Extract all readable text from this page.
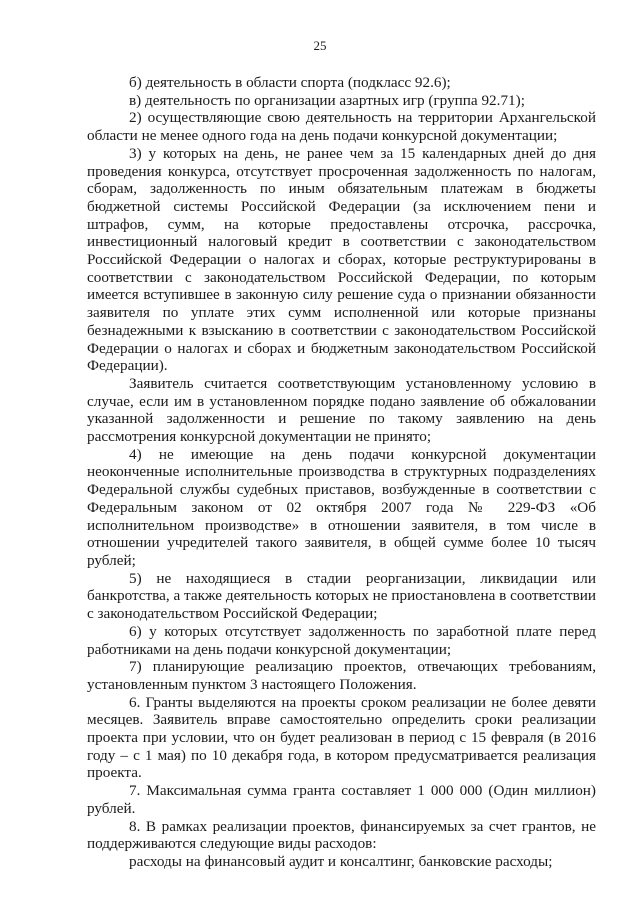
25

б) деятельность в области спорта (подкласс 92.6);

в) деятельность по организации азартных игр (группа 92.71);

2) осуществляющие свою деятельность на территории Архангельской области не менее одного года на день подачи конкурсной документации;

3) у которых на день, не ранее чем за 15 календарных дней до дня проведения конкурса, отсутствует просроченная задолженность по налогам, сборам, задолженность по иным обязательным платежам в бюджеты бюджетной системы Российской Федерации (за исключением пени и штрафов, сумм, на которые предоставлены отсрочка, рассрочка, инвестиционный налоговый кредит в соответствии с законодательством Российской Федерации о налогах и сборах, которые реструктурированы в соответствии с законодательством Российской Федерации, по которым имеется вступившее в законную силу решение суда о признании обязанности заявителя по уплате этих сумм исполненной или которые признаны безнадежными к взысканию в соответствии с законодательством Российской Федерации о налогах и сборах и бюджетным законодательством Российской Федерации).

Заявитель считается соответствующим установленному условию в случае, если им в установленном порядке подано заявление об обжаловании указанной задолженности и решение по такому заявлению на день рассмотрения конкурсной документации не принято;

4) не имеющие на день подачи конкурсной документации неоконченные исполнительные производства в структурных подразделениях Федеральной службы судебных приставов, возбужденные в соответствии с Федеральным законом от 02 октября 2007 года № 229-ФЗ «Об исполнительном производстве» в отношении заявителя, в том числе в отношении учредителей такого заявителя, в общей сумме более 10 тысяч рублей;

5) не находящиеся в стадии реорганизации, ликвидации или банкротства, а также деятельность которых не приостановлена в соответствии с законодательством Российской Федерации;

6) у которых отсутствует задолженность по заработной плате перед работниками на день подачи конкурсной документации;

7) планирующие реализацию проектов, отвечающих требованиям, установленным пунктом 3 настоящего Положения.

6. Гранты выделяются на проекты сроком реализации не более девяти месяцев. Заявитель вправе самостоятельно определить сроки реализации проекта при условии, что он будет реализован в период с 15 февраля (в 2016 году – с 1 мая) по 10 декабря года, в котором предусматривается реализация проекта.

7. Максимальная сумма гранта составляет 1 000 000 (Один миллион) рублей.

8. В рамках реализации проектов, финансируемых за счет грантов, не поддерживаются следующие виды расходов:

расходы на финансовый аудит и консалтинг, банковские расходы;
